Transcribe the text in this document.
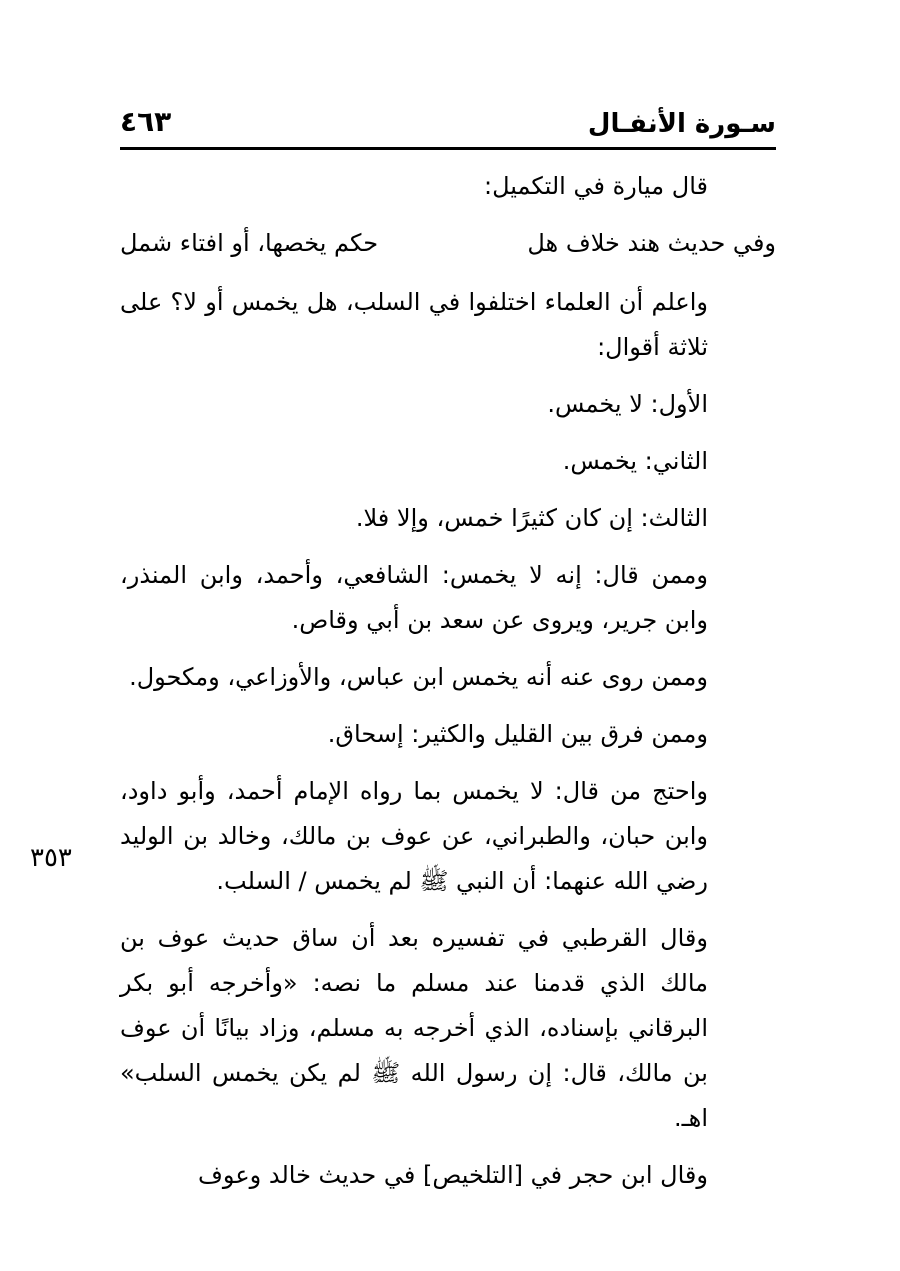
سـورة الأنفـال
٤٦٣

قال ميارة في التكميل:

وفي حديث هند خلاف هل
حكم يخصها، أو افتاء شمل

واعلم أن العلماء اختلفوا في السلب، هل يخمس أو لا؟ على ثلاثة أقوال:

الأول: لا يخمس.

الثاني: يخمس.

الثالث: إن كان كثيرًا خمس، وإلا فلا.

وممن قال: إنه لا يخمس: الشافعي، وأحمد، وابن المنذر، وابن جرير، ويروى عن سعد بن أبي وقاص.

وممن روى عنه أنه يخمس ابن عباس، والأوزاعي، ومكحول.

وممن فرق بين القليل والكثير: إسحاق.

واحتج من قال: لا يخمس بما رواه الإمام أحمد، وأبو داود، وابن حبان، والطبراني، عن عوف بن مالك، وخالد بن الوليد رضي الله عنهما: أن النبي ﷺ لم يخمس / السلب.

وقال القرطبي في تفسيره بعد أن ساق حديث عوف بن مالك الذي قدمنا عند مسلم ما نصه: «وأخرجه أبو بكر البرقاني بإسناده، الذي أخرجه به مسلم، وزاد بيانًا أن عوف بن مالك، قال: إن رسول الله ﷺ لم يكن يخمس السلب» اهـ.

وقال ابن حجر في [التلخيص] في حديث خالد وعوف

٣٥٣
